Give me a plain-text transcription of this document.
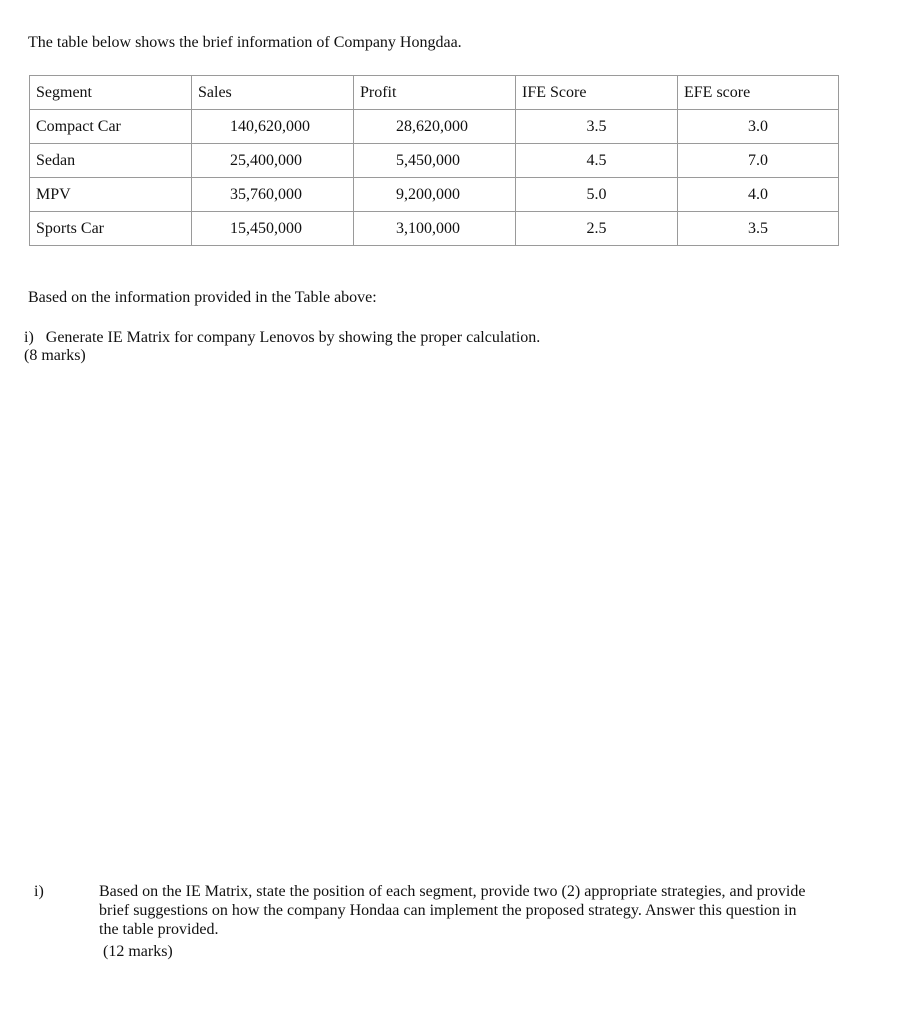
The table below shows the brief information of Company Hongdaa.
Segment	Sales	Profit	IFE Score	EFE score
Compact Car	140,620,000	28,620,000	3.5	3.0
Sedan	25,400,000	5,450,000	4.5	7.0
MPV	35,760,000	9,200,000	5.0	4.0
Sports Car	15,450,000	3,100,000	2.5	3.5
Based on the information provided in the Table above:
i)   Generate IE Matrix for company Lenovos by showing the proper calculation.
(8 marks)
i)	Based on the IE Matrix, state the position of each segment, provide two (2) appropriate strategies, and provide
brief suggestions on how the company Hondaa can implement the proposed strategy. Answer this question in
the table provided.
(12 marks)
